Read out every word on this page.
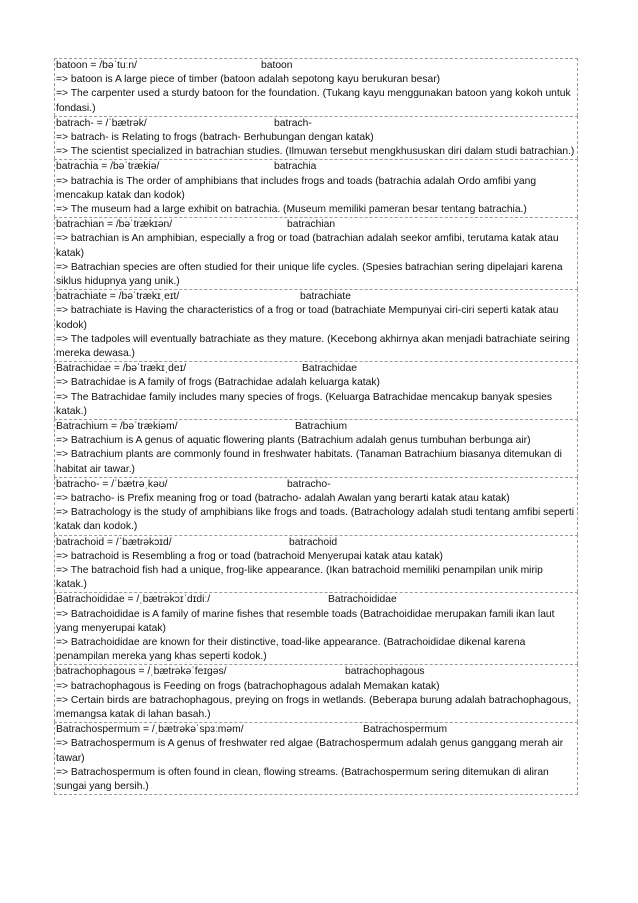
batoon = /bəˈtuːn/	batoon
=> batoon is A large piece of timber (batoon adalah sepotong kayu berukuran besar)
=> The carpenter used a sturdy batoon for the foundation. (Tukang kayu menggunakan batoon yang kokoh untuk fondasi.)
batrach- = /ˈbætrək/	batrach-
=> batrach- is Relating to frogs (batrach- Berhubungan dengan katak)
=> The scientist specialized in batrachian studies. (Ilmuwan tersebut mengkhususkan diri dalam studi batrachian.)
batrachia = /bəˈtrækiə/	batrachia
=> batrachia is The order of amphibians that includes frogs and toads (batrachia adalah Ordo amfibi yang mencakup katak dan kodok)
=> The museum had a large exhibit on batrachia. (Museum memiliki pameran besar tentang batrachia.)
batrachian = /bəˈtrækɪən/	batrachian
=> batrachian is An amphibian, especially a frog or toad (batrachian adalah seekor amfibi, terutama katak atau katak)
=> Batrachian species are often studied for their unique life cycles. (Spesies batrachian sering dipelajari karena siklus hidupnya yang unik.)
batrachiate = /bəˈtrækɪˌeɪt/	batrachiate
=> batrachiate is Having the characteristics of a frog or toad (batrachiate Mempunyai ciri-ciri seperti katak atau kodok)
=> The tadpoles will eventually batrachiate as they mature. (Kecebong akhirnya akan menjadi batrachiate seiring mereka dewasa.)
Batrachidae = /bəˈtrækɪˌdeɪ/	Batrachidae
=> Batrachidae is A family of frogs (Batrachidae adalah keluarga katak)
=> The Batrachidae family includes many species of frogs. (Keluarga Batrachidae mencakup banyak spesies katak.)
Batrachium = /bəˈtrækiəm/	Batrachium
=> Batrachium is A genus of aquatic flowering plants (Batrachium adalah genus tumbuhan berbunga air)
=> Batrachium plants are commonly found in freshwater habitats. (Tanaman Batrachium biasanya ditemukan di habitat air tawar.)
batracho- = /ˈbætrəˌkəʊ/	batracho-
=> batracho- is Prefix meaning frog or toad (batracho- adalah Awalan yang berarti katak atau katak)
=> Batrachology is the study of amphibians like frogs and toads. (Batrachology adalah studi tentang amfibi seperti katak dan kodok.)
batrachoid = /ˈbætrəkɔɪd/	batrachoid
=> batrachoid is Resembling a frog or toad (batrachoid Menyerupai katak atau katak)
=> The batrachoid fish had a unique, frog-like appearance. (Ikan batrachoid memiliki penampilan unik mirip katak.)
Batrachoididae = /ˌbætrəkɔɪˈdɪdiː/	Batrachoididae
=> Batrachoididae is A family of marine fishes that resemble toads (Batrachoididae merupakan famili ikan laut yang menyerupai katak)
=> Batrachoididae are known for their distinctive, toad-like appearance. (Batrachoididae dikenal karena penampilan mereka yang khas seperti kodok.)
batrachophagous = /ˌbætrəkəˈfeɪɡəs/	batrachophagous
=> batrachophagous is Feeding on frogs (batrachophagous adalah Memakan katak)
=> Certain birds are batrachophagous, preying on frogs in wetlands. (Beberapa burung adalah batrachophagous, memangsa katak di lahan basah.)
Batrachospermum = /ˌbætrəkəˈspɜːməm/	Batrachospermum
=> Batrachospermum is A genus of freshwater red algae (Batrachospermum adalah genus ganggang merah air tawar)
=> Batrachospermum is often found in clean, flowing streams. (Batrachospermum sering ditemukan di aliran sungai yang bersih.)
